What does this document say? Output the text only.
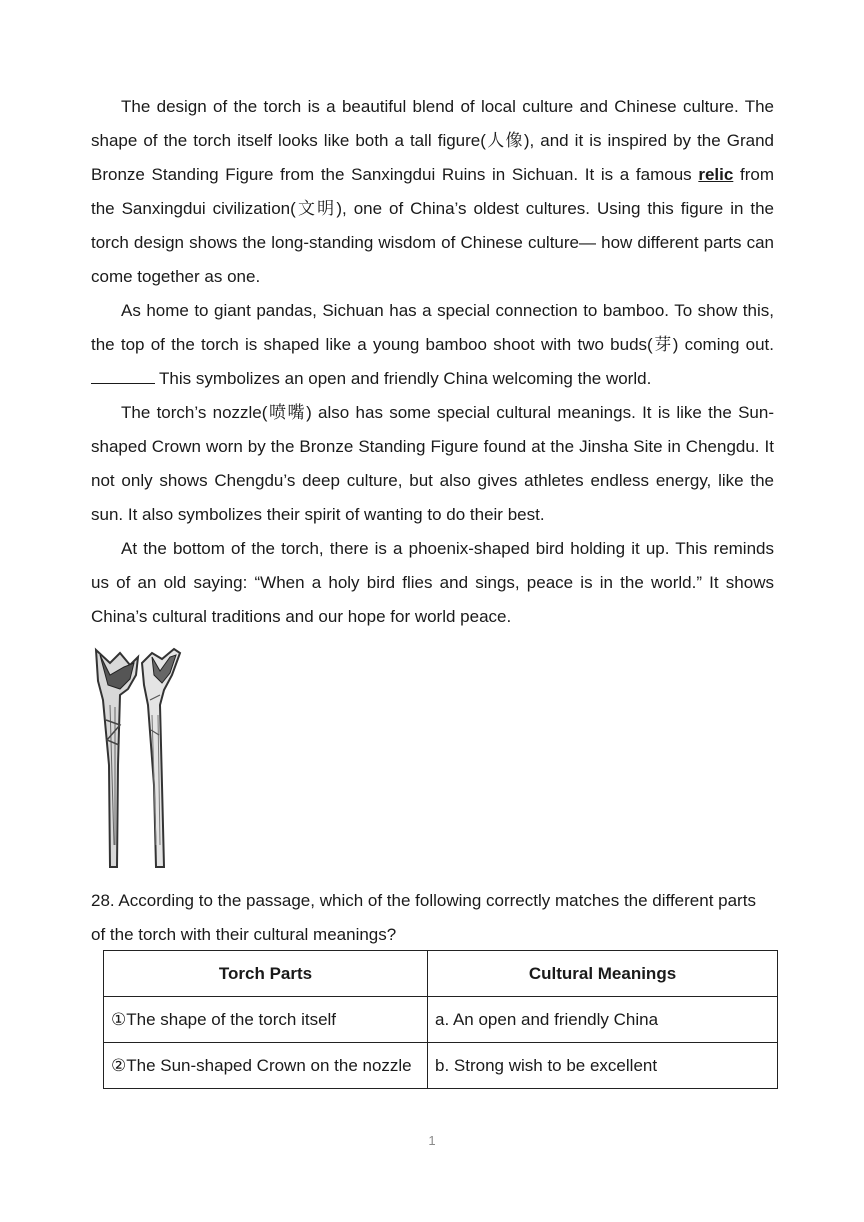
The design of the torch is a beautiful blend of local culture and Chinese culture. The shape of the torch itself looks like both a tall figure(人像), and it is inspired by the Grand Bronze Standing Figure from the Sanxingdui Ruins in Sichuan. It is a famous relic from the Sanxingdui civilization(文明), one of China’s oldest cultures. Using this figure in the torch design shows the long-standing wisdom of Chinese culture— how different parts can come together as one.

As home to giant pandas, Sichuan has a special connection to bamboo. To show this, the top of the torch is shaped like a young bamboo shoot with two buds(芽) coming out. This symbolizes an open and friendly China welcoming the world.

The torch’s nozzle(喷嘴) also has some special cultural meanings. It is like the Sun-shaped Crown worn by the Bronze Standing Figure found at the Jinsha Site in Chengdu. It not only shows Chengdu’s deep culture, but also gives athletes endless energy, like the sun. It also symbolizes their spirit of wanting to do their best.

At the bottom of the torch, there is a phoenix-shaped bird holding it up. This reminds us of an old saying: “When a holy bird flies and sings, peace is in the world.” It shows China’s cultural traditions and our hope for world peace.

28. According to the passage, which of the following correctly matches the different parts of the torch with their cultural meanings?

Torch Parts	Cultural Meanings
①The shape of the torch itself	a. An open and friendly China
②The Sun-shaped Crown on the nozzle	b. Strong wish to be excellent
1
